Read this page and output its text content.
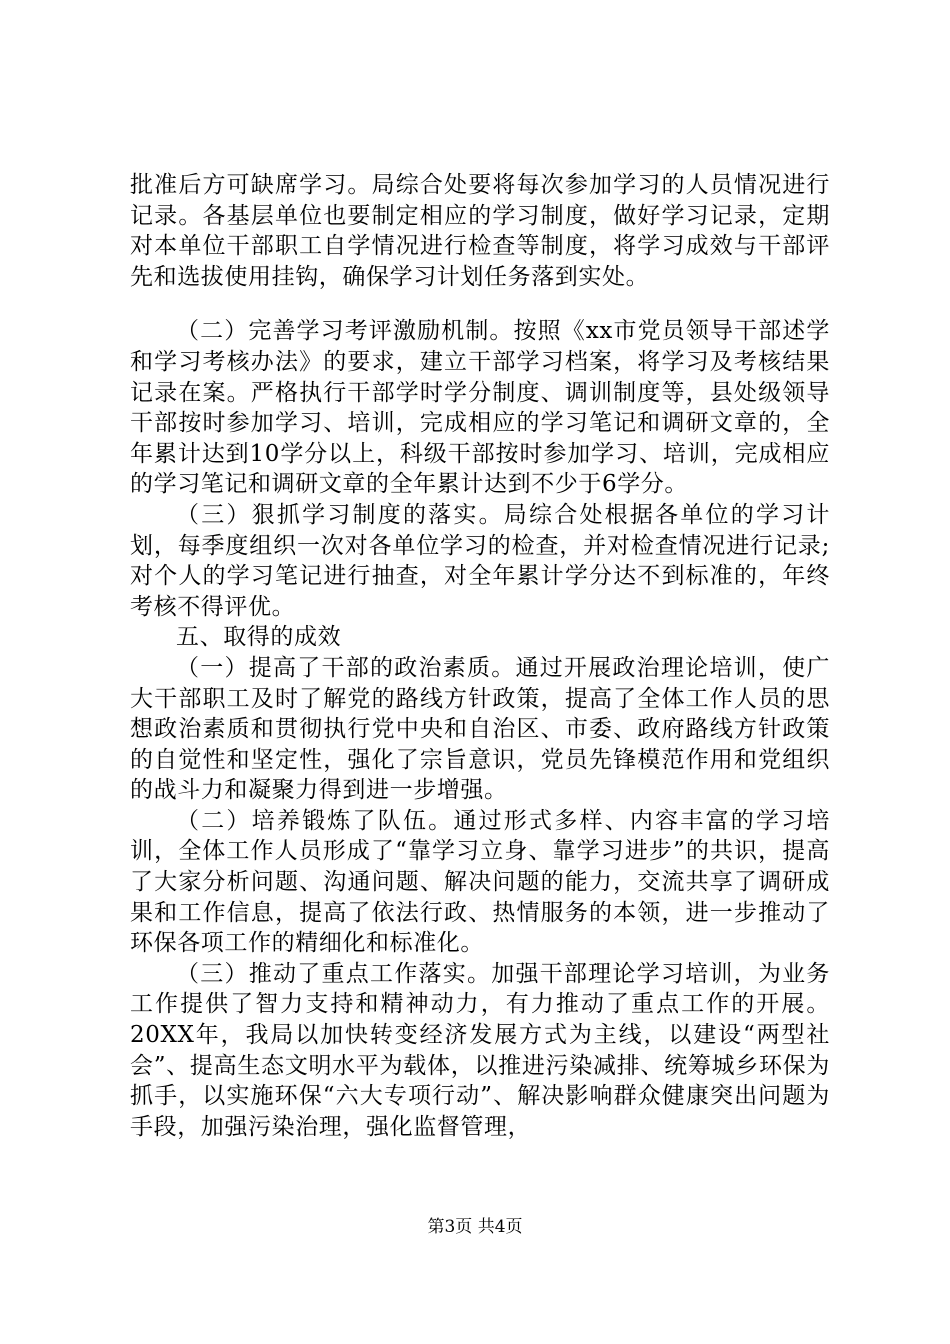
批准后方可缺席学习。局综合处要将每次参加学习的人员情况进行记录。各基层单位也要制定相应的学习制度，做好学习记录，定期对本单位干部职工自学情况进行检查等制度，将学习成效与干部评先和选拔使用挂钩，确保学习计划任务落到实处。

（二）完善学习考评激励机制。按照《xx市党员领导干部述学和学习考核办法》的要求，建立干部学习档案，将学习及考核结果记录在案。严格执行干部学时学分制度、调训制度等，县处级领导干部按时参加学习、培训，完成相应的学习笔记和调研文章的，全年累计达到10学分以上，科级干部按时参加学习、培训，完成相应的学习笔记和调研文章的全年累计达到不少于6学分。

（三）狠抓学习制度的落实。局综合处根据各单位的学习计划，每季度组织一次对各单位学习的检查，并对检查情况进行记录;对个人的学习笔记进行抽查，对全年累计学分达不到标准的，年终考核不得评优。

五、取得的成效

（一）提高了干部的政治素质。通过开展政治理论培训，使广大干部职工及时了解党的路线方针政策，提高了全体工作人员的思想政治素质和贯彻执行党中央和自治区、市委、政府路线方针政策的自觉性和坚定性，强化了宗旨意识，党员先锋模范作用和党组织的战斗力和凝聚力得到进一步增强。

（二）培养锻炼了队伍。通过形式多样、内容丰富的学习培训，全体工作人员形成了“靠学习立身、靠学习进步”的共识，提高了大家分析问题、沟通问题、解决问题的能力，交流共享了调研成果和工作信息，提高了依法行政、热情服务的本领，进一步推动了环保各项工作的精细化和标准化。

（三）推动了重点工作落实。加强干部理论学习培训，为业务工作提供了智力支持和精神动力，有力推动了重点工作的开展。20XX年，我局以加快转变经济发展方式为主线，以建设“两型社会”、提高生态文明水平为载体，以推进污染减排、统筹城乡环保为抓手，以实施环保“六大专项行动”、解决影响群众健康突出问题为手段，加强污染治理，强化监督管理，

第3页 共4页
